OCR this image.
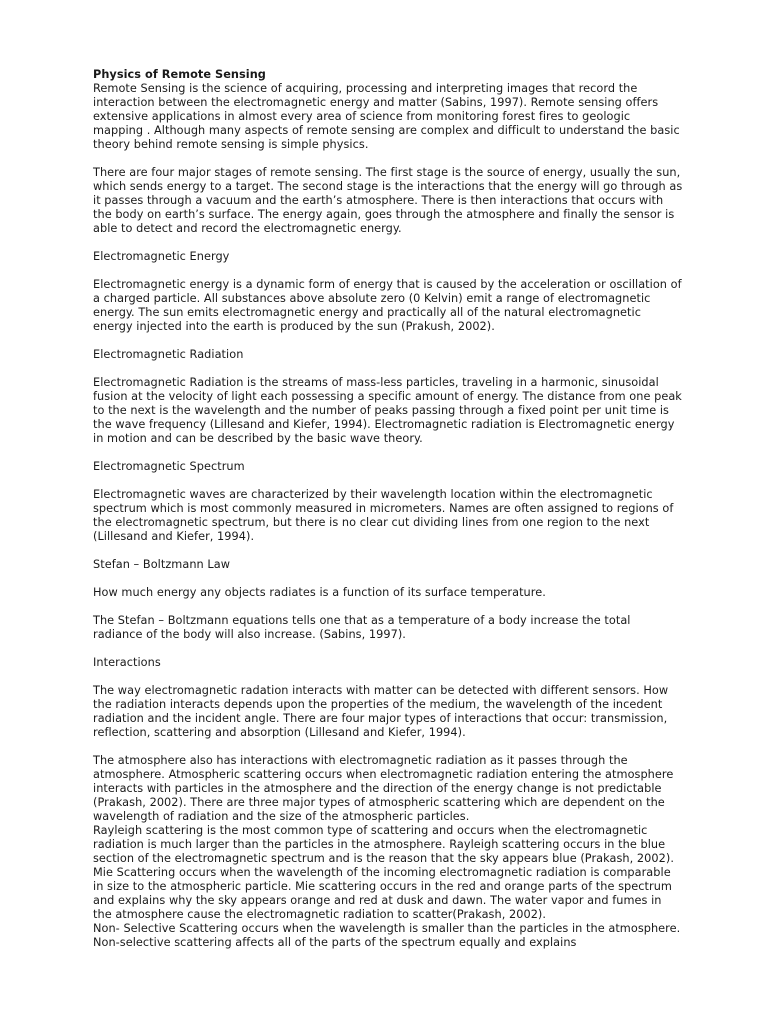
Physics of Remote Sensing

Remote Sensing is the science of acquiring, processing and interpreting images that record the interaction between the electromagnetic energy and matter (Sabins, 1997). Remote sensing offers extensive applications in almost every area of science from monitoring forest fires to geologic mapping . Although many aspects of remote sensing are complex and difficult to understand the basic theory behind remote sensing is simple physics.

There are four major stages of remote sensing. The first stage is the source of energy, usually the sun, which sends energy to a target. The second stage is the interactions that the energy will go through as it passes through a vacuum and the earth’s atmosphere. There is then interactions that occurs with the body on earth’s surface. The energy again, goes through the atmosphere and finally the sensor is able to detect and record the electromagnetic energy.

Electromagnetic Energy

Electromagnetic energy is a dynamic form of energy that is caused by the acceleration or oscillation of a charged particle. All substances above absolute zero (0 Kelvin) emit a range of electromagnetic energy. The sun emits electromagnetic energy and practically all of the natural electromagnetic energy injected into the earth is produced by the sun (Prakush, 2002).

Electromagnetic Radiation

Electromagnetic Radiation is the streams of mass-less particles, traveling in a harmonic, sinusoidal fusion at the velocity of light each possessing a specific amount of energy. The distance from one peak to the next is the wavelength and the number of peaks passing through a fixed point per unit time is the wave frequency (Lillesand and Kiefer, 1994). Electromagnetic radiation is Electromagnetic energy in motion and can be described by the basic wave theory.

Electromagnetic Spectrum

Electromagnetic waves are characterized by their wavelength location within the electromagnetic spectrum which is most commonly measured in micrometers. Names are often assigned to regions of the electromagnetic spectrum, but there is no clear cut dividing lines from one region to the next (Lillesand and Kiefer, 1994).

Stefan – Boltzmann Law

How much energy any objects radiates is a function of its surface temperature.

The Stefan – Boltzmann equations tells one that as a temperature of a body increase the total radiance of the body will also increase. (Sabins, 1997).

Interactions

The way electromagnetic radation interacts with matter can be detected with different sensors. How the radiation interacts depends upon the properties of the medium, the wavelength of the incedent radiation and the incident angle. There are four major types of interactions that occur: transmission, reflection, scattering and absorption (Lillesand and Kiefer, 1994).

The atmosphere also has interactions with electromagnetic radiation as it passes through the atmosphere. Atmospheric scattering occurs when electromagnetic radiation entering the atmosphere interacts with particles in the atmosphere and the direction of the energy change is not predictable (Prakash, 2002). There are three major types of atmospheric scattering which are dependent on the wavelength of radiation and the size of the atmospheric particles.

Rayleigh scattering is the most common type of scattering and occurs when the electromagnetic radiation is much larger than the particles in the atmosphere. Rayleigh scattering occurs in the blue section of the electromagnetic spectrum and is the reason that the sky appears blue (Prakash, 2002).

Mie Scattering occurs when the wavelength of the incoming electromagnetic radiation is comparable in size to the atmospheric particle. Mie scattering occurs in the red and orange parts of the spectrum and explains why the sky appears orange and red at dusk and dawn. The water vapor and fumes in the atmosphere cause the electromagnetic radiation to scatter(Prakash, 2002).

Non- Selective Scattering occurs when the wavelength is smaller than the particles in the atmosphere. Non-selective scattering affects all of the parts of the spectrum equally and explains
